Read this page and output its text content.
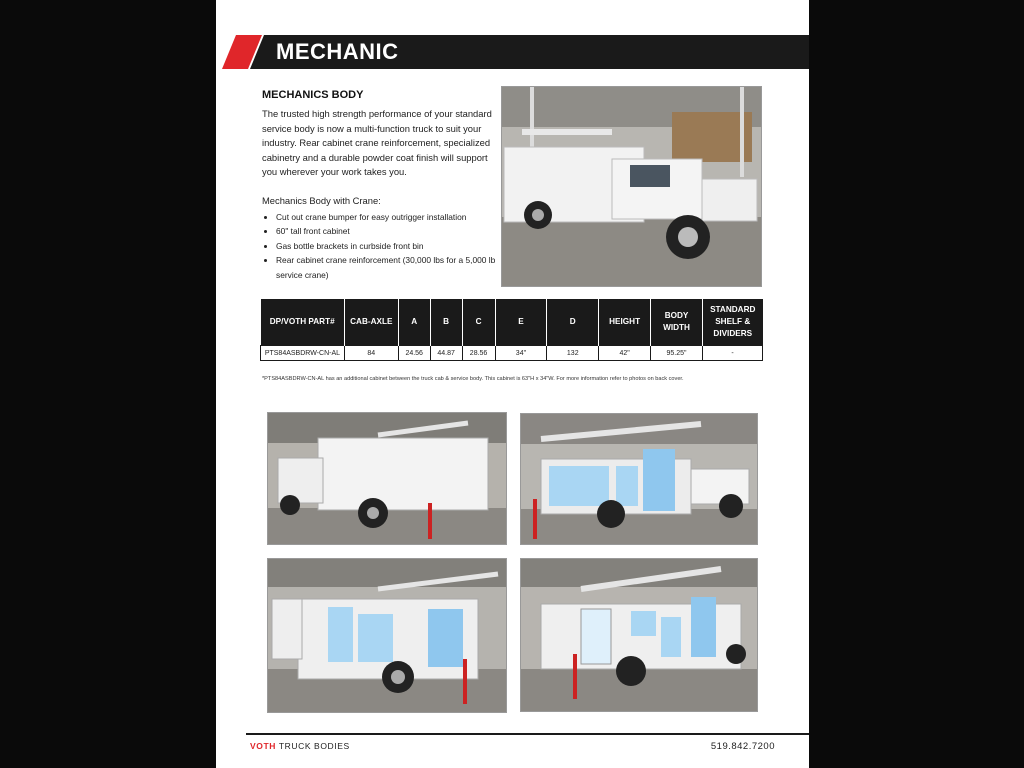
MECHANIC
MECHANICS BODY

The trusted high strength performance of your standard service body is now a multi-function truck to suit your industry. Rear cabinet crane reinforcement, specialized cabinetry and a durable powder coat finish will support you wherever your work takes you.

Mechanics Body with Crane:
• Cut out crane bumper for easy outrigger installation
• 60" tall front cabinet
• Gas bottle brackets in curbside front bin
• Rear cabinet crane reinforcement (30,000 lbs for a 5,000 lb service crane)
DP/VOTH PART#	CAB-AXLE	A	B	C	E	D	HEIGHT	BODY WIDTH	STANDARD SHELF & DIVIDERS
PTS84ASBDRW-CN-AL	84	24.56	44.87	28.56	34"	132	42"	95.25"	-
*PTS84ASBDRW-CN-AL has an additional cabinet between the truck cab & service body. This cabinet is 63"H x 34"W. For more information refer to photos on back cover.
VOTH TRUCK BODIES	519.842.7200
